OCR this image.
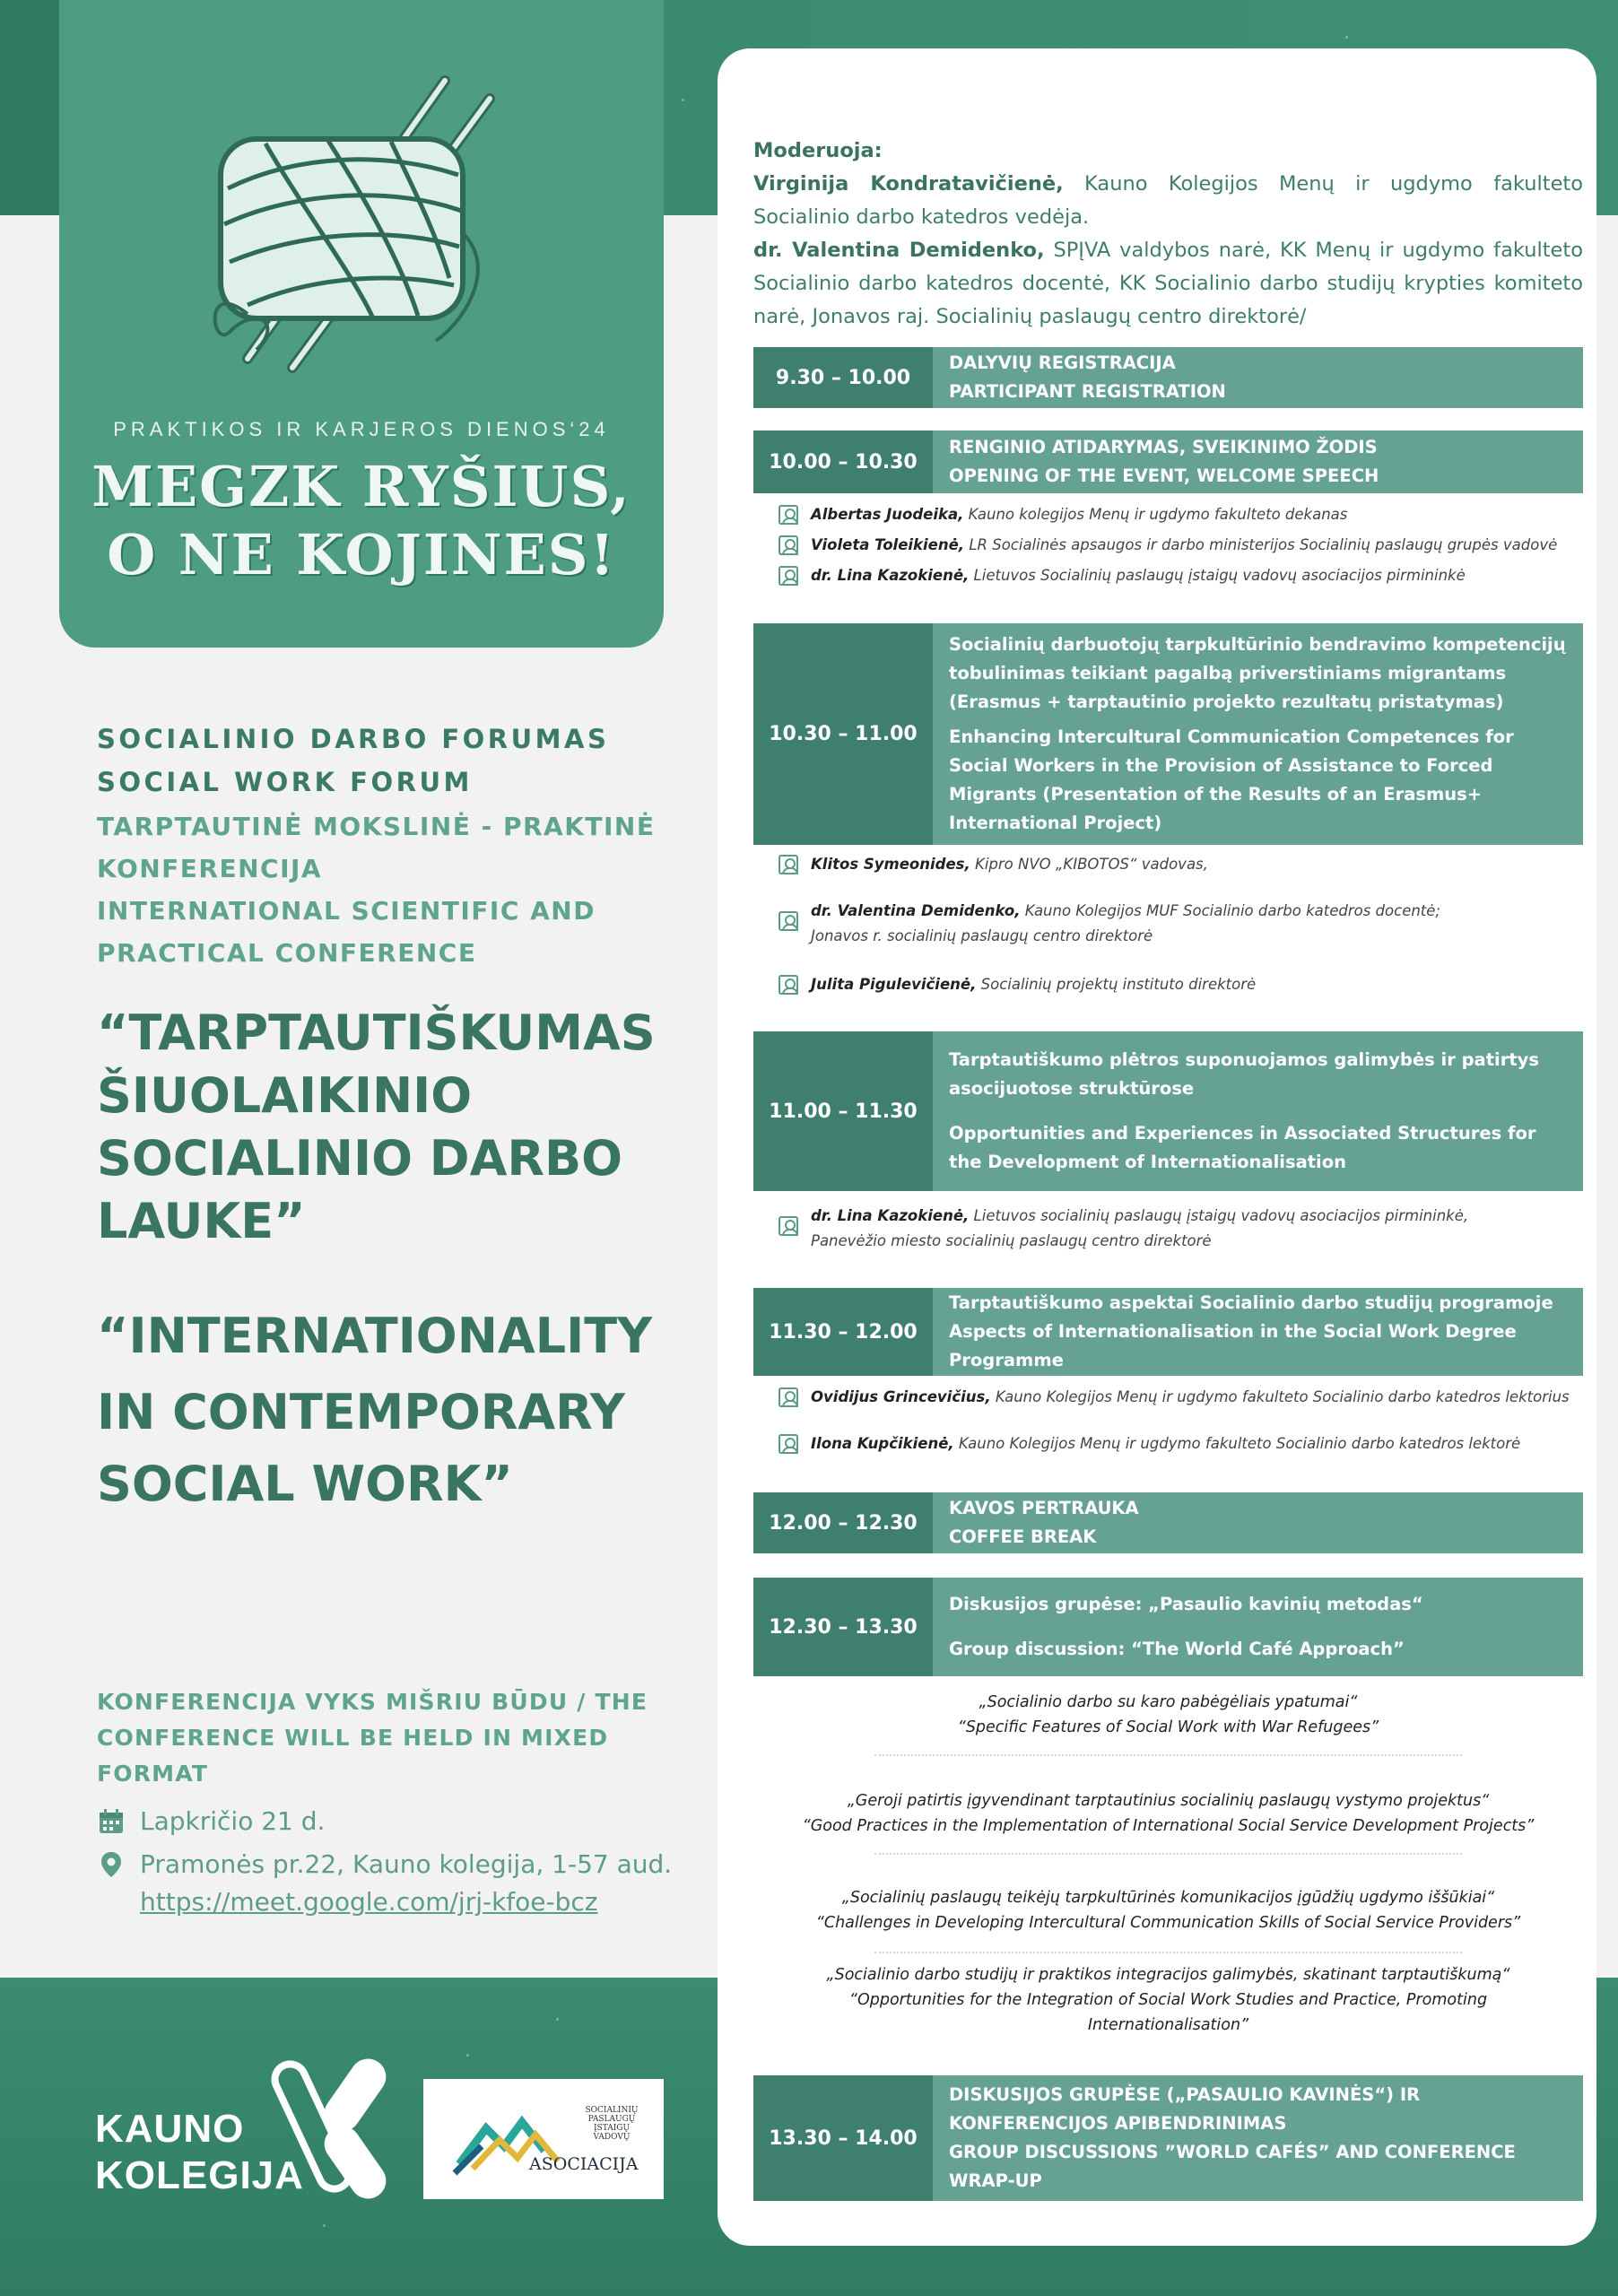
PRAKTIKOS IR KARJEROS DIENOS‘24
MEGZK RYŠIUS,
O NE KOJINES!
SOCIALINIO DARBO FORUMAS
SOCIAL WORK FORUM
TARPTAUTINĖ MOKSLINĖ - PRAKTINĖ
KONFERENCIJA
INTERNATIONAL SCIENTIFIC AND
PRACTICAL CONFERENCE
“TARPTAUTIŠKUMAS
ŠIUOLAIKINIO
SOCIALINIO DARBO
LAUKE”
“INTERNATIONALITY
IN CONTEMPORARY
SOCIAL WORK”
KONFERENCIJA VYKS MIŠRIU BŪDU / THE
CONFERENCE WILL BE HELD IN MIXED
FORMAT
Lapkričio 21 d.
Pramonės pr.22, Kauno kolegija, 1-57 aud.
https://meet.google.com/jrj-kfoe-bcz
KAUNO
KOLEGIJA
SOCIALINIŲ
PASLAUGŲ
ĮSTAIGŲ
VADOVŲ
ASOCIACIJA
Moderuoja:
Virginija Kondratavičienė, Kauno Kolegijos Menų ir ugdymo fakulteto Socialinio darbo katedros vedėja.
dr. Valentina Demidenko, SPĮVA valdybos narė, KK Menų ir ugdymo fakulteto Socialinio darbo katedros docentė, KK Socialinio darbo studijų krypties komiteto narė, Jonavos raj. Socialinių paslaugų centro direktorė/
9.30 – 10.00
DALYVIŲ REGISTRACIJA
PARTICIPANT REGISTRATION
10.00 – 10.30
RENGINIO ATIDARYMAS, SVEIKINIMO ŽODIS
OPENING OF THE EVENT, WELCOME SPEECH
Albertas Juodeika, Kauno kolegijos Menų ir ugdymo fakulteto dekanas
Violeta Toleikienė, LR Socialinės apsaugos ir darbo ministerijos Socialinių paslaugų grupės vadovė
dr. Lina Kazokienė, Lietuvos Socialinių paslaugų įstaigų vadovų asociacijos pirmininkė
10.30 – 11.00
Socialinių darbuotojų tarpkultūrinio bendravimo kompetencijų tobulinimas teikiant pagalbą priverstiniams migrantams (Erasmus + tarptautinio projekto rezultatų pristatymas)
Enhancing Intercultural Communication Competences for Social Workers in the Provision of Assistance to Forced Migrants (Presentation of the Results of an Erasmus+ International Project)
Klitos Symeonides, Kipro NVO „KIBOTOS“ vadovas,
dr. Valentina Demidenko, Kauno Kolegijos MUF Socialinio darbo katedros docentė; Jonavos r. socialinių paslaugų centro direktorė
Julita Pigulevičienė, Socialinių projektų instituto direktorė
11.00 – 11.30
Tarptautiškumo plėtros suponuojamos galimybės ir patirtys asocijuotose struktūrose
Opportunities and Experiences in Associated Structures for the Development of Internationalisation
dr. Lina Kazokienė, Lietuvos socialinių paslaugų įstaigų vadovų asociacijos pirmininkė, Panevėžio miesto socialinių paslaugų centro direktorė
11.30 – 12.00
Tarptautiškumo aspektai Socialinio darbo studijų programoje
Aspects of Internationalisation in the Social Work Degree Programme
Ovidijus Grincevičius, Kauno Kolegijos Menų ir ugdymo fakulteto Socialinio darbo katedros lektorius
Ilona Kupčikienė, Kauno Kolegijos Menų ir ugdymo fakulteto Socialinio darbo katedros lektorė
12.00 – 12.30
KAVOS PERTRAUKA
COFFEE BREAK
12.30 – 13.30
Diskusijos grupėse: „Pasaulio kavinių metodas“
Group discussion: “The World Café Approach”
„Socialinio darbo su karo pabėgėliais ypatumai“
“Specific Features of Social Work with War Refugees”
„Geroji patirtis įgyvendinant tarptautinius socialinių paslaugų vystymo projektus“
“Good Practices in the Implementation of International Social Service Development Projects”
„Socialinių paslaugų teikėjų tarpkultūrinės komunikacijos įgūdžių ugdymo iššūkiai“
“Challenges in Developing Intercultural Communication Skills of Social Service Providers”
„Socialinio darbo studijų ir praktikos integracijos galimybės, skatinant tarptautiškumą“
“Opportunities for the Integration of Social Work Studies and Practice, Promoting
Internationalisation”
13.30 – 14.00
DISKUSIJOS GRUPĖSE („PASAULIO KAVINĖS“) IR KONFERENCIJOS APIBENDRINIMAS
GROUP DISCUSSIONS ”WORLD CAFÉS” AND CONFERENCE WRAP-UP
